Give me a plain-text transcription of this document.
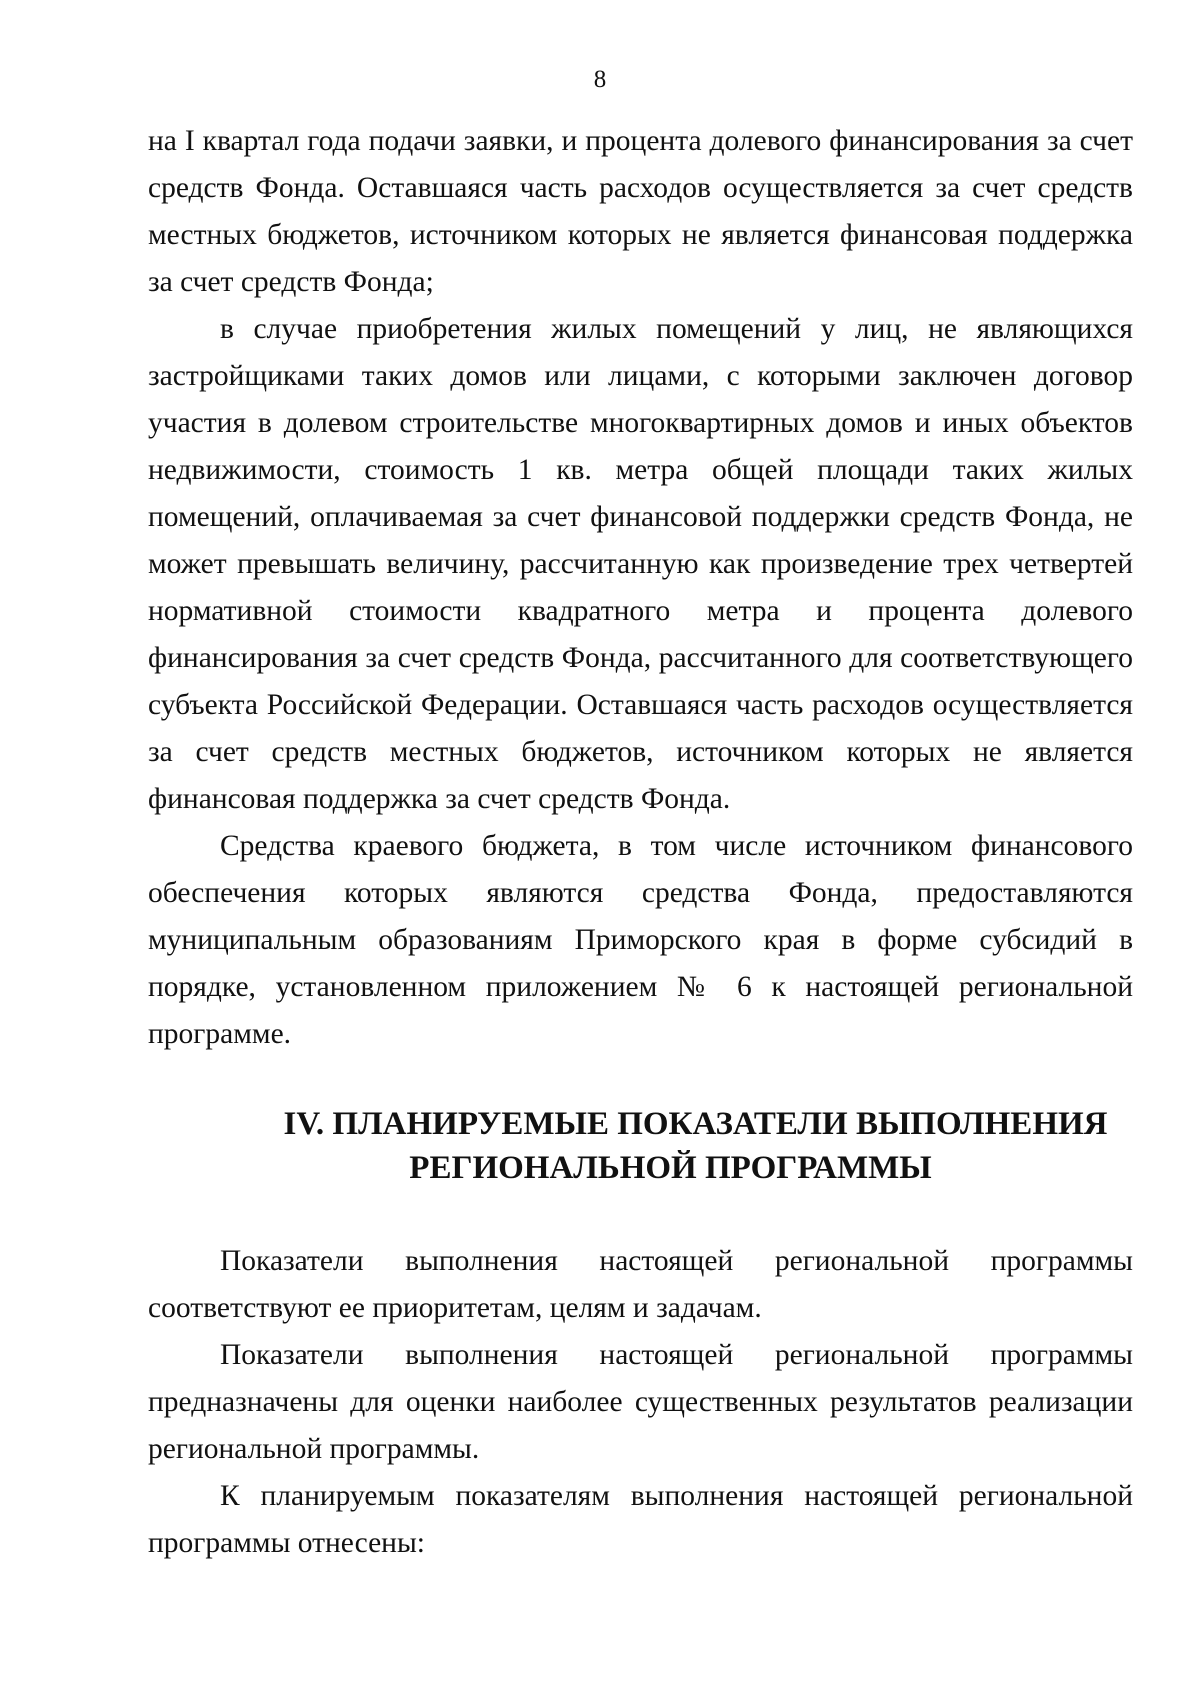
8

на I квартал года подачи заявки, и процента долевого финансирования за счет средств Фонда. Оставшаяся часть расходов осуществляется за счет средств местных бюджетов, источником которых не является финансовая поддержка за счет средств Фонда;

в случае приобретения жилых помещений у лиц, не являющихся застройщиками таких домов или лицами, с которыми заключен договор участия в долевом строительстве многоквартирных домов и иных объектов недвижимости, стоимость 1 кв. метра общей площади таких жилых помещений, оплачиваемая за счет финансовой поддержки средств Фонда, не может превышать величину, рассчитанную как произведение трех четвертей нормативной стоимости квадратного метра и процента долевого финансирования за счет средств Фонда, рассчитанного для соответствующего субъекта Российской Федерации. Оставшаяся часть расходов осуществляется за счет средств местных бюджетов, источником которых не является финансовая поддержка за счет средств Фонда.

Средства краевого бюджета, в том числе источником финансового обеспечения которых являются средства Фонда, предоставляются муниципальным образованиям Приморского края в форме субсидий в порядке, установленном приложением № 6 к настоящей региональной программе.

IV. ПЛАНИРУЕМЫЕ ПОКАЗАТЕЛИ ВЫПОЛНЕНИЯ
РЕГИОНАЛЬНОЙ ПРОГРАММЫ

Показатели выполнения настоящей региональной программы соответствуют ее приоритетам, целям и задачам.

Показатели выполнения настоящей региональной программы предназначены для оценки наиболее существенных результатов реализации региональной программы.

К планируемым показателям выполнения настоящей региональной программы отнесены:
